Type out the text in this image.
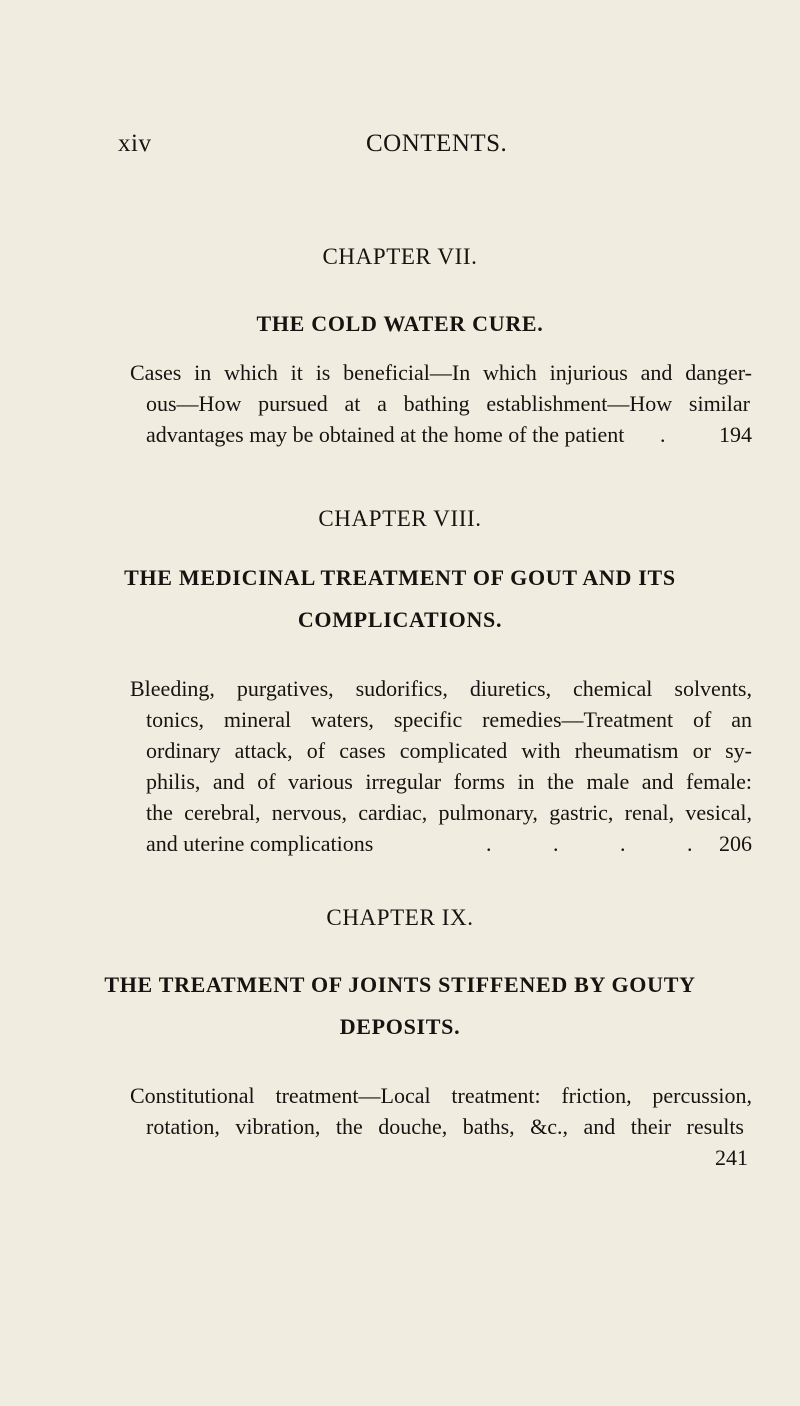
xiv	CONTENTS.
CHAPTER VII.
THE COLD WATER CURE.
Cases in which it is beneficial—In which injurious and danger-
ous—How pursued at a bathing establishment—How similar
advantages may be obtained at the home of the patient . 194
CHAPTER VIII.
THE MEDICINAL TREATMENT OF GOUT AND ITS
COMPLICATIONS.
Bleeding, purgatives, sudorifics, diuretics, chemical solvents,
tonics, mineral waters, specific remedies—Treatment of an
ordinary attack, of cases complicated with rheumatism or sy-
philis, and of various irregular forms in the male and female:
the cerebral, nervous, cardiac, pulmonary, gastric, renal, vesical,
and uterine complications	. . . .
206
CHAPTER IX.
THE TREATMENT OF JOINTS STIFFENED BY GOUTY
DEPOSITS.
Constitutional treatment—Local treatment: friction, percussion,
rotation, vibration, the douche, baths, &c., and their results
241
